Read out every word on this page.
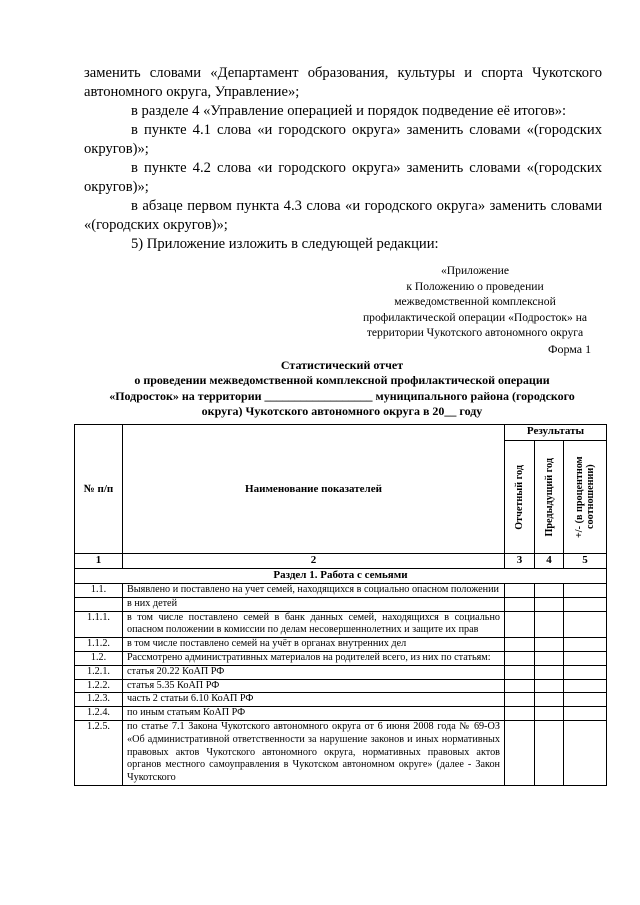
заменить словами «Департамент образования, культуры и спорта Чукотского автономного округа, Управление»;

в разделе 4 «Управление операцией и порядок подведение её итогов»:

в пункте 4.1 слова «и городского округа» заменить словами «(городских округов)»;

в пункте 4.2 слова «и городского округа» заменить словами «(городских округов)»;

в абзаце первом пункта 4.3 слова «и городского округа» заменить словами «(городских округов)»;

5) Приложение изложить в следующей редакции:

«Приложение
к Положению о проведении
межведомственной комплексной
профилактической операции «Подросток» на
территории Чукотского автономного округа
Форма 1
Статистический отчет
о проведении межведомственной комплексной профилактической операции
«Подросток» на территории __________________ муниципального района (городского
округа) Чукотского автономного округа в 20__ году
№ п/п	Наименование показателей	Результаты		

		Отчетный год	Предыдущий год	+/- (в процентном соотношении)

1	2	3	4	5
Раздел 1. Работа с семьями				
1.1.	Выявлено и поставлено на учет семей, находящихся в социально опасном положении			
	в них детей			
1.1.1.	в том числе поставлено семей в банк данных семей, находящихся в социально опасном положении в комиссии по делам несовершеннолетних и защите их прав			
1.1.2.	в том числе поставлено семей на учёт в органах внутренних дел			
1.2.	Рассмотрено административных материалов на родителей всего, из них по статьям:			
1.2.1.	статья 20.22 КоАП РФ			
1.2.2.	статья 5.35 КоАП РФ			
1.2.3.	часть 2 статьи 6.10 КоАП РФ			
1.2.4.	по иным статьям КоАП РФ			
1.2.5.	по статье 7.1 Закона Чукотского автономного округа от 6 июня 2008 года № 69-ОЗ «Об административной ответственности за нарушение законов и иных нормативных правовых актов Чукотского автономного округа, нормативных правовых актов органов местного самоуправления в Чукотском автономном округе» (далее - Закон Чукотского			
